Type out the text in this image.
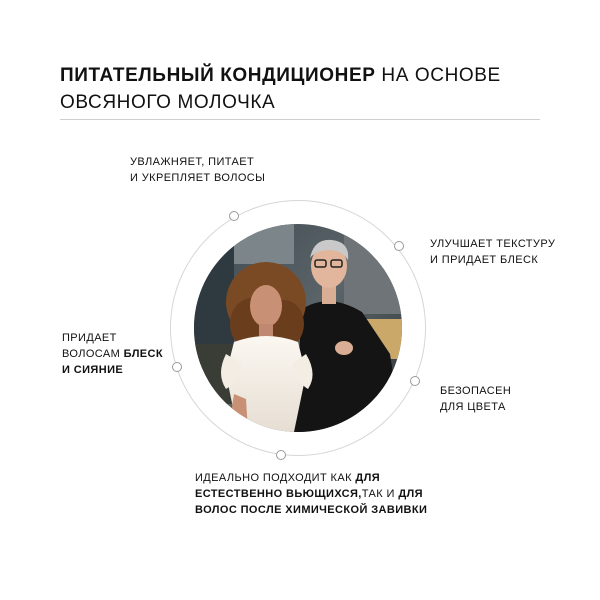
ПИТАТЕЛЬНЫЙ КОНДИЦИОНЕР НА ОСНОВЕ
ОВСЯНОГО МОЛОЧКА
УВЛАЖНЯЕТ, ПИТАЕТ
И УКРЕПЛЯЕТ ВОЛОСЫ
УЛУЧШАЕТ ТЕКСТУРУ
И ПРИДАЕТ БЛЕСК
ПРИДАЕТ
ВОЛОСАМ БЛЕСК
И СИЯНИЕ
БЕЗОПАСЕН
ДЛЯ ЦВЕТА
ИДЕАЛЬНО ПОДХОДИТ КАК ДЛЯ
ЕСТЕСТВЕННО ВЬЮЩИХСЯ,ТАК И ДЛЯ
ВОЛОС ПОСЛЕ ХИМИЧЕСКОЙ ЗАВИВКИ
